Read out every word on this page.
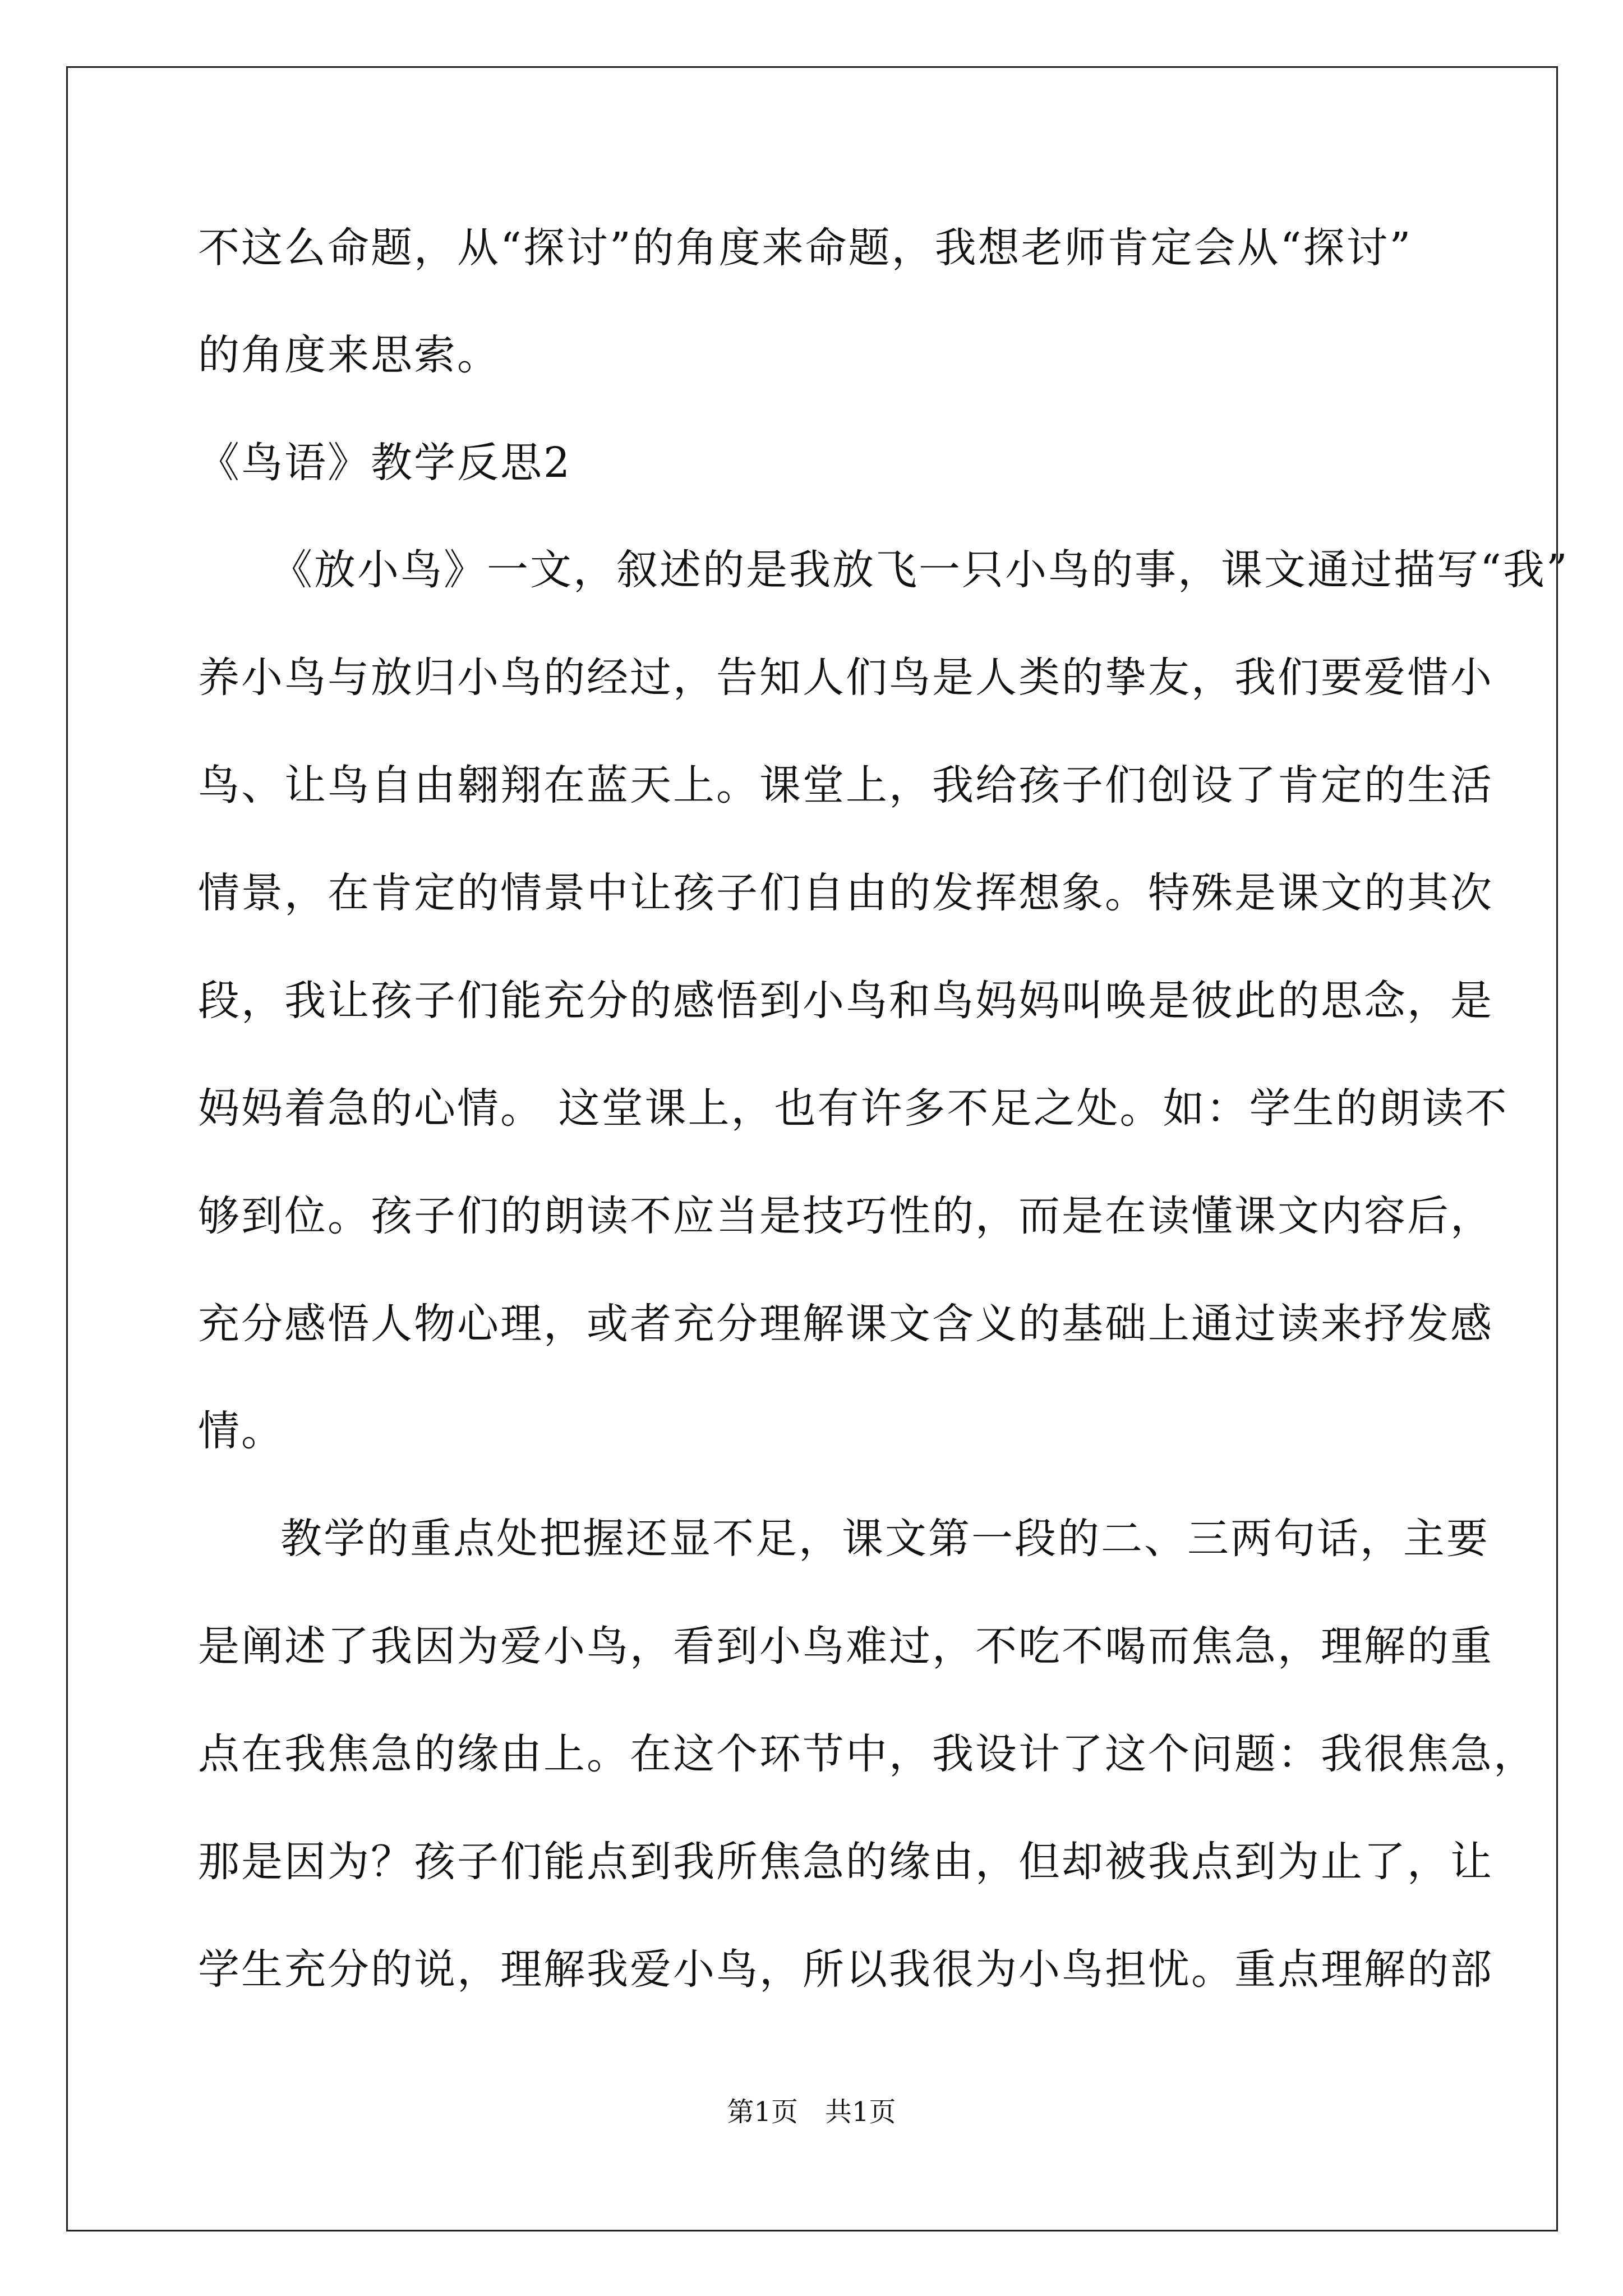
不这么命题，从“探讨”的角度来命题，我想老师肯定会从“探讨”
的角度来思索。
《鸟语》教学反思2
《放小鸟》一文，叙述的是我放飞一只小鸟的事，课文通过描写“我”
养小鸟与放归小鸟的经过，告知人们鸟是人类的挚友，我们要爱惜小
鸟、让鸟自由翱翔在蓝天上。课堂上，我给孩子们创设了肯定的生活
情景，在肯定的情景中让孩子们自由的发挥想象。特殊是课文的其次
段，我让孩子们能充分的感悟到小鸟和鸟妈妈叫唤是彼此的思念，是
妈妈着急的心情。 这堂课上，也有许多不足之处。如：学生的朗读不
够到位。孩子们的朗读不应当是技巧性的，而是在读懂课文内容后，
充分感悟人物心理，或者充分理解课文含义的基础上通过读来抒发感
情。
教学的重点处把握还显不足，课文第一段的二、三两句话，主要
是阐述了我因为爱小鸟，看到小鸟难过，不吃不喝而焦急，理解的重
点在我焦急的缘由上。在这个环节中，我设计了这个问题：我很焦急，
那是因为？孩子们能点到我所焦急的缘由，但却被我点到为止了，让
学生充分的说，理解我爱小鸟，所以我很为小鸟担忧。重点理解的部
第1页 共1页
